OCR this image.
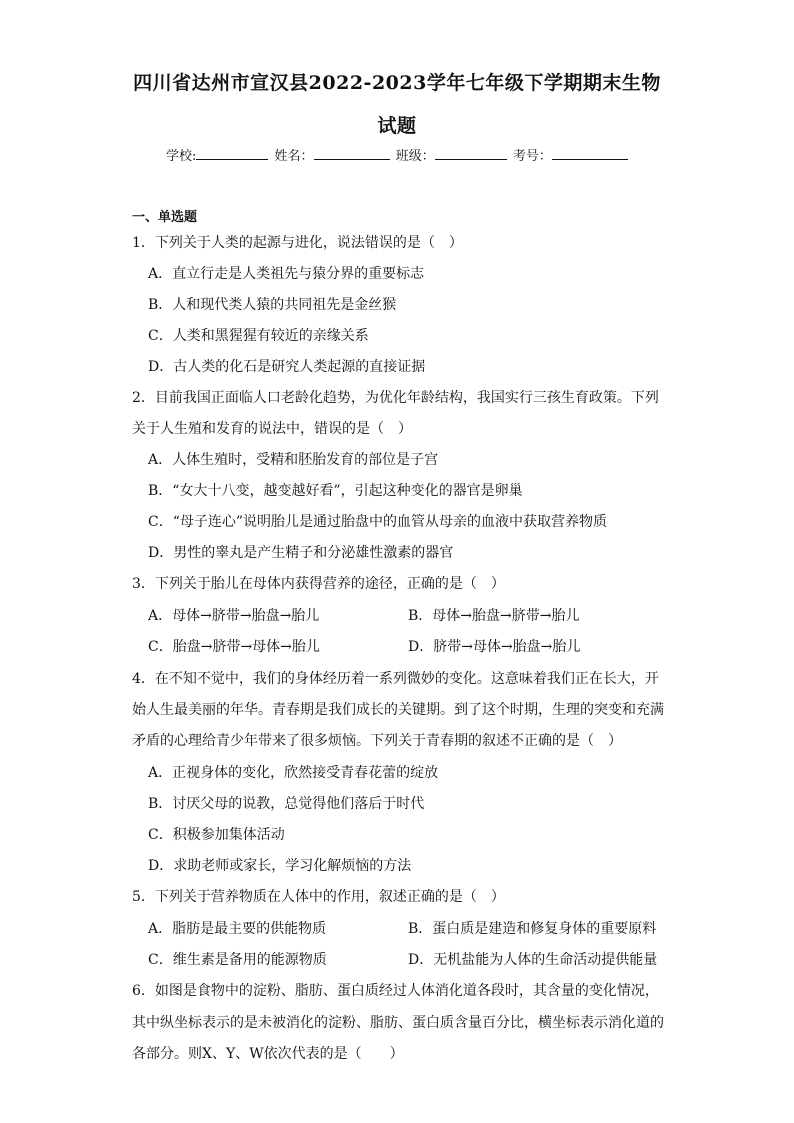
四川省达州市宣汉县2022-2023学年七年级下学期期末生物
试题
学校:	姓名：	班级：	考号：
一、单选题
1．下列关于人类的起源与进化，说法错误的是（　）
A．直立行走是人类祖先与猿分界的重要标志
B．人和现代类人猿的共同祖先是金丝猴
C．人类和黑猩猩有较近的亲缘关系
D．古人类的化石是研究人类起源的直接证据
2．目前我国正面临人口老龄化趋势，为优化年龄结构，我国实行三孩生育政策。下列
关于人生殖和发育的说法中，错误的是（　）
A．人体生殖时，受精和胚胎发育的部位是子宫
B．“女大十八变，越变越好看”，引起这种变化的器官是卵巢
C．“母子连心”说明胎儿是通过胎盘中的血管从母亲的血液中获取营养物质
D．男性的睾丸是产生精子和分泌雄性激素的器官
3．下列关于胎儿在母体内获得营养的途径，正确的是（　）
A．母体→脐带→胎盘→胎儿	B．母体→胎盘→脐带→胎儿
C．胎盘→脐带→母体→胎儿	D．脐带→母体→胎盘→胎儿
4．在不知不觉中，我们的身体经历着一系列微妙的变化。这意味着我们正在长大，开
始人生最美丽的年华。青春期是我们成长的关键期。到了这个时期，生理的突变和充满
矛盾的心理给青少年带来了很多烦恼。下列关于青春期的叙述不正确的是（　）
A．正视身体的变化，欣然接受青春花蕾的绽放
B．讨厌父母的说教，总觉得他们落后于时代
C．积极参加集体活动
D．求助老师或家长，学习化解烦恼的方法
5．下列关于营养物质在人体中的作用，叙述正确的是（　）
A．脂肪是最主要的供能物质	B．蛋白质是建造和修复身体的重要原料
C．维生素是备用的能源物质	D．无机盐能为人体的生命活动提供能量
6．如图是食物中的淀粉、脂肪、蛋白质经过人体消化道各段时，其含量的变化情况，
其中纵坐标表示的是未被消化的淀粉、脂肪、蛋白质含量百分比，横坐标表示消化道的
各部分。则X、Y、W依次代表的是（　　）
